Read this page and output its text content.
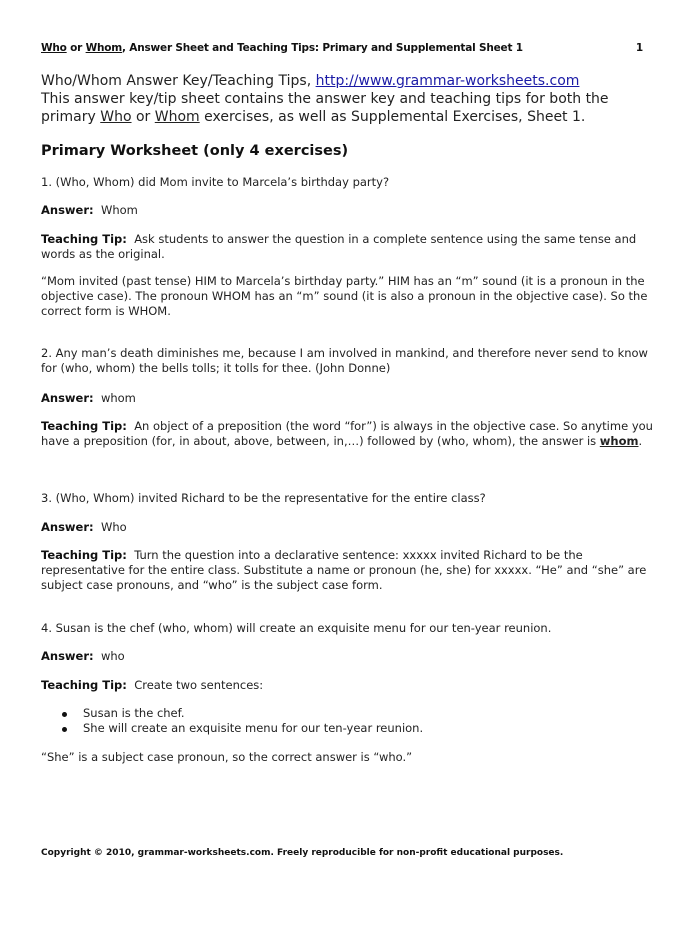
Who or Whom, Answer Sheet and Teaching Tips: Primary and Supplemental Sheet 1	1
Who/Whom Answer Key/Teaching Tips, http://www.grammar-worksheets.com
This answer key/tip sheet contains the answer key and teaching tips for both the
primary Who or Whom exercises, as well as Supplemental Exercises, Sheet 1.
Primary Worksheet (only 4 exercises)
1. (Who, Whom) did Mom invite to Marcela’s birthday party?
Answer: Whom
Teaching Tip: Ask students to answer the question in a complete sentence using the same tense and words as the original.
“Mom invited (past tense) HIM to Marcela’s birthday party.” HIM has an “m” sound (it is a pronoun in the objective case). The pronoun WHOM has an “m” sound (it is also a pronoun in the objective case). So the correct form is WHOM.
2. Any man’s death diminishes me, because I am involved in mankind, and therefore never send to know for (who, whom) the bells tolls; it tolls for thee. (John Donne)
Answer: whom
Teaching Tip: An object of a preposition (the word “for”) is always in the objective case. So anytime you have a preposition (for, in about, above, between, in,…) followed by (who, whom), the answer is whom.
3. (Who, Whom) invited Richard to be the representative for the entire class?
Answer: Who
Teaching Tip: Turn the question into a declarative sentence: xxxxx invited Richard to be the representative for the entire class. Substitute a name or pronoun (he, she) for xxxxx. “He” and “she” are subject case pronouns, and “who” is the subject case form.
4. Susan is the chef (who, whom) will create an exquisite menu for our ten-year reunion.
Answer: who
Teaching Tip: Create two sentences:
Susan is the chef.
She will create an exquisite menu for our ten-year reunion.
“She” is a subject case pronoun, so the correct answer is “who.”
Copyright © 2010, grammar-worksheets.com. Freely reproducible for non-profit educational purposes.
